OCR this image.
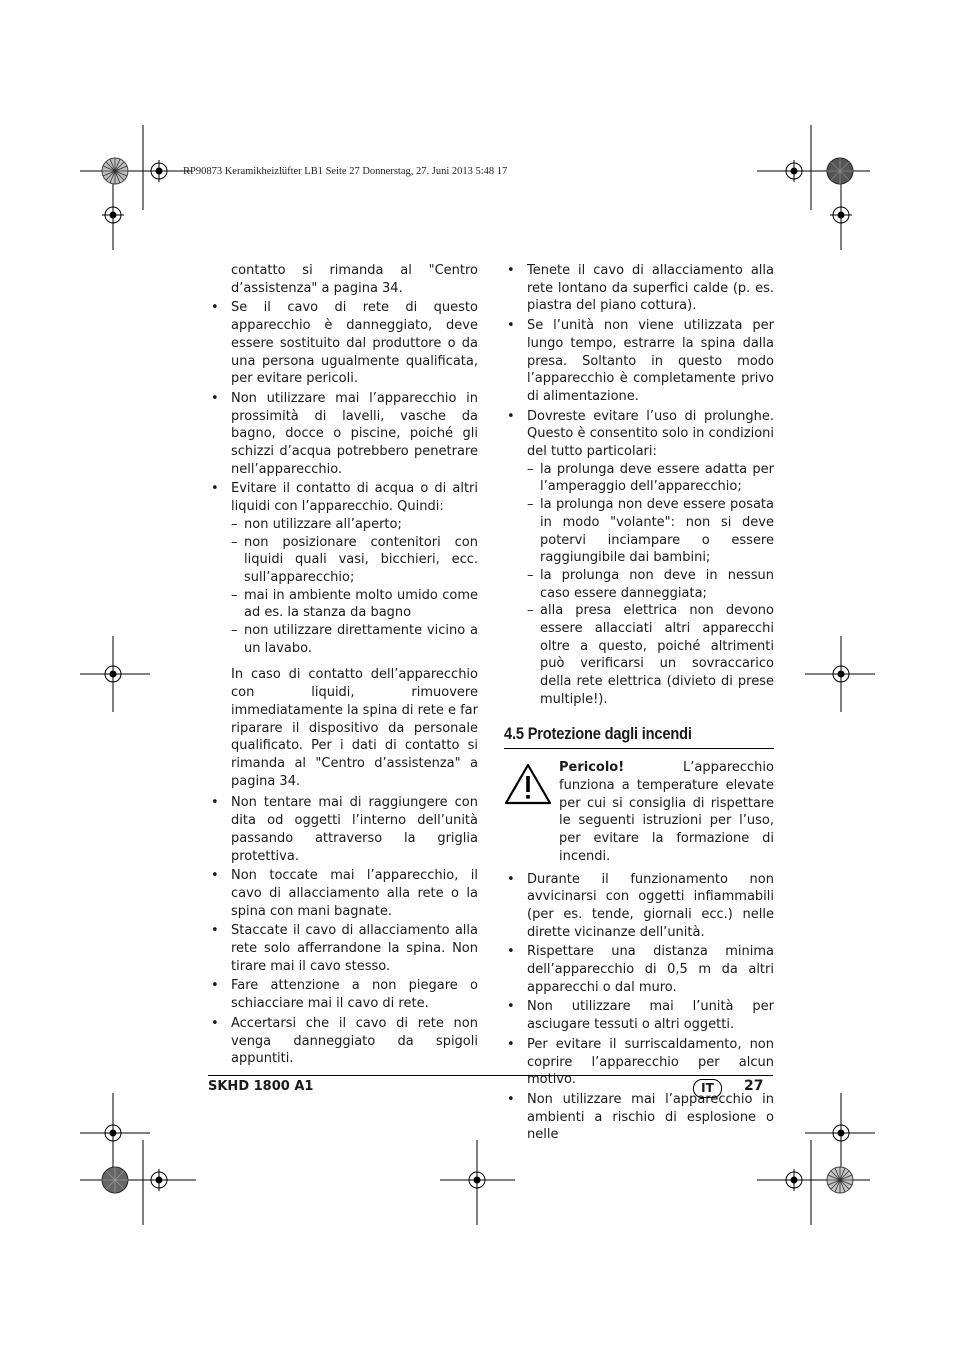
RP90873 Keramikheizlüfter LB1 Seite 27 Donnerstag, 27. Juni 2013 5:48 17

contatto si rimanda al "Centro d’assistenza" a pagina 34.

• Se il cavo di rete di questo apparecchio è danneggiato, deve essere sostituito dal produttore o da una persona ugualmente qualificata, per evitare pericoli.

• Non utilizzare mai l’apparecchio in prossimità di lavelli, vasche da bagno, docce o piscine, poiché gli schizzi d’acqua potrebbero penetrare nell’apparecchio.

• Evitare il contatto di acqua o di altri liquidi con l’apparecchio. Quindi:

– non utilizzare all’aperto;

– non posizionare contenitori con liquidi quali vasi, bicchieri, ecc. sull’apparecchio;

– mai in ambiente molto umido come ad es. la stanza da bagno

– non utilizzare direttamente vicino a un lavabo.

In caso di contatto dell’apparecchio con liquidi, rimuovere immediatamente la spina di rete e far riparare il dispositivo da personale qualificato. Per i dati di contatto si rimanda al "Centro d’assistenza" a pagina 34.

• Non tentare mai di raggiungere con dita od oggetti l’interno dell’unità passando attraverso la griglia protettiva.

• Non toccate mai l’apparecchio, il cavo di allacciamento alla rete o la spina con mani bagnate.

• Staccate il cavo di allacciamento alla rete solo afferrandone la spina. Non tirare mai il cavo stesso.

• Fare attenzione a non piegare o schiacciare mai il cavo di rete.

• Accertarsi che il cavo di rete non venga danneggiato da spigoli appuntiti.

• Tenete il cavo di allacciamento alla rete lontano da superfici calde (p. es. piastra del piano cottura).

• Se l’unità non viene utilizzata per lungo tempo, estrarre la spina dalla presa. Soltanto in questo modo l’apparecchio è completamente privo di alimentazione.

• Dovreste evitare l’uso di prolunghe. Questo è consentito solo in condizioni del tutto particolari:

– la prolunga deve essere adatta per l’amperaggio dell’apparecchio;

– la prolunga non deve essere posata in modo "volante": non si deve potervi inciampare o essere raggiungibile dai bambini;

– la prolunga non deve in nessun caso essere danneggiata;

– alla presa elettrica non devono essere allacciati altri apparecchi oltre a questo, poiché altrimenti può verificarsi un sovraccarico della rete elettrica (divieto di prese multiple!).

4.5 Protezione dagli incendi
Pericolo! L’apparecchio funziona a temperature elevate per cui si consiglia di rispettare le seguenti istruzioni per l’uso, per evitare la formazione di incendi.

• Durante il funzionamento non avvicinarsi con oggetti infiammabili (per es. tende, giornali ecc.) nelle dirette vicinanze dell’unità.

• Rispettare una distanza minima dell’apparecchio di 0,5 m da altri apparecchi o dal muro.

• Non utilizzare mai l’unità per asciugare tessuti o altri oggetti.

• Per evitare il surriscaldamento, non coprire l’apparecchio per alcun motivo.

• Non utilizzare mai l’apparecchio in ambienti a rischio di esplosione o nelle

SKHD 1800 A1	IT	27
